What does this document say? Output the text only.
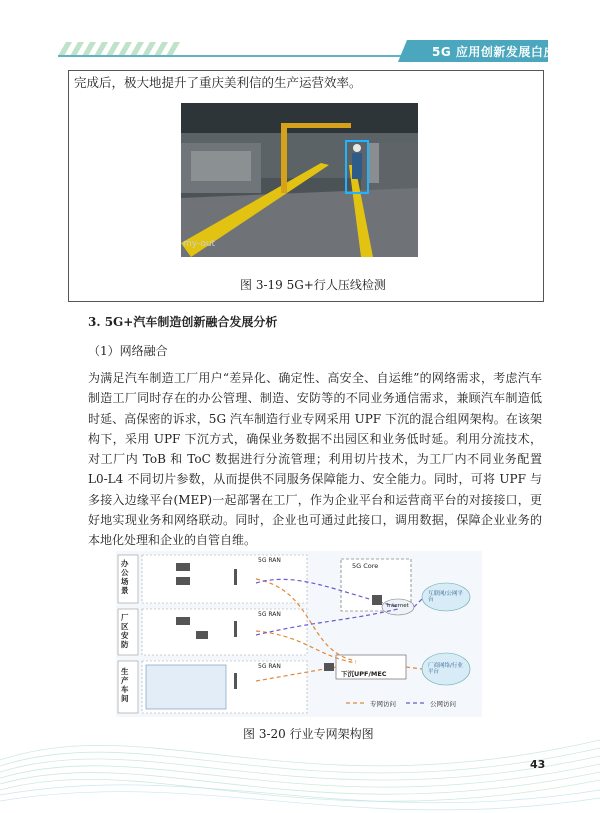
5G 应用创新发展白皮书
完成后，极大地提升了重庆美利信的生产运营效率。
my-out
图 3-19 5G+行人压线检测
3. 5G+汽车制造创新融合发展分析
（1）网络融合
为满足汽车制造工厂用户“差异化、确定性、高安全、自运维”的网络需求，考虑汽车制造工厂同时存在的办公管理、制造、安防等的不同业务通信需求，兼顾汽车制造低时延、高保密的诉求，5G 汽车制造行业专网采用 UPF 下沉的混合组网架构。在该架构下，采用 UPF 下沉方式，确保业务数据不出园区和业务低时延。利用分流技术，对工厂内 ToB 和 ToC 数据进行分流管理；利用切片技术，为工厂内不同业务配置 L0-L4 不同切片参数，从而提供不同服务保障能力、安全能力。同时，可将 UPF 与多接入边缘平台(MEP)一起部署在工厂，作为企业平台和运营商平台的对接接口，更好地实现业务和网络联动。同时，企业也可通过此接口，调用数据，保障企业业务的本地化处理和企业的自管自维。
办公场景
厂区安防
生产车间
5G RAN
5G RAN
5G RAN
5G Core
下沉UPF/MEC
Internet
互联网/公网平台
厂商网络/行业平台
专网访问	公网访问
图 3-20 行业专网架构图
43
